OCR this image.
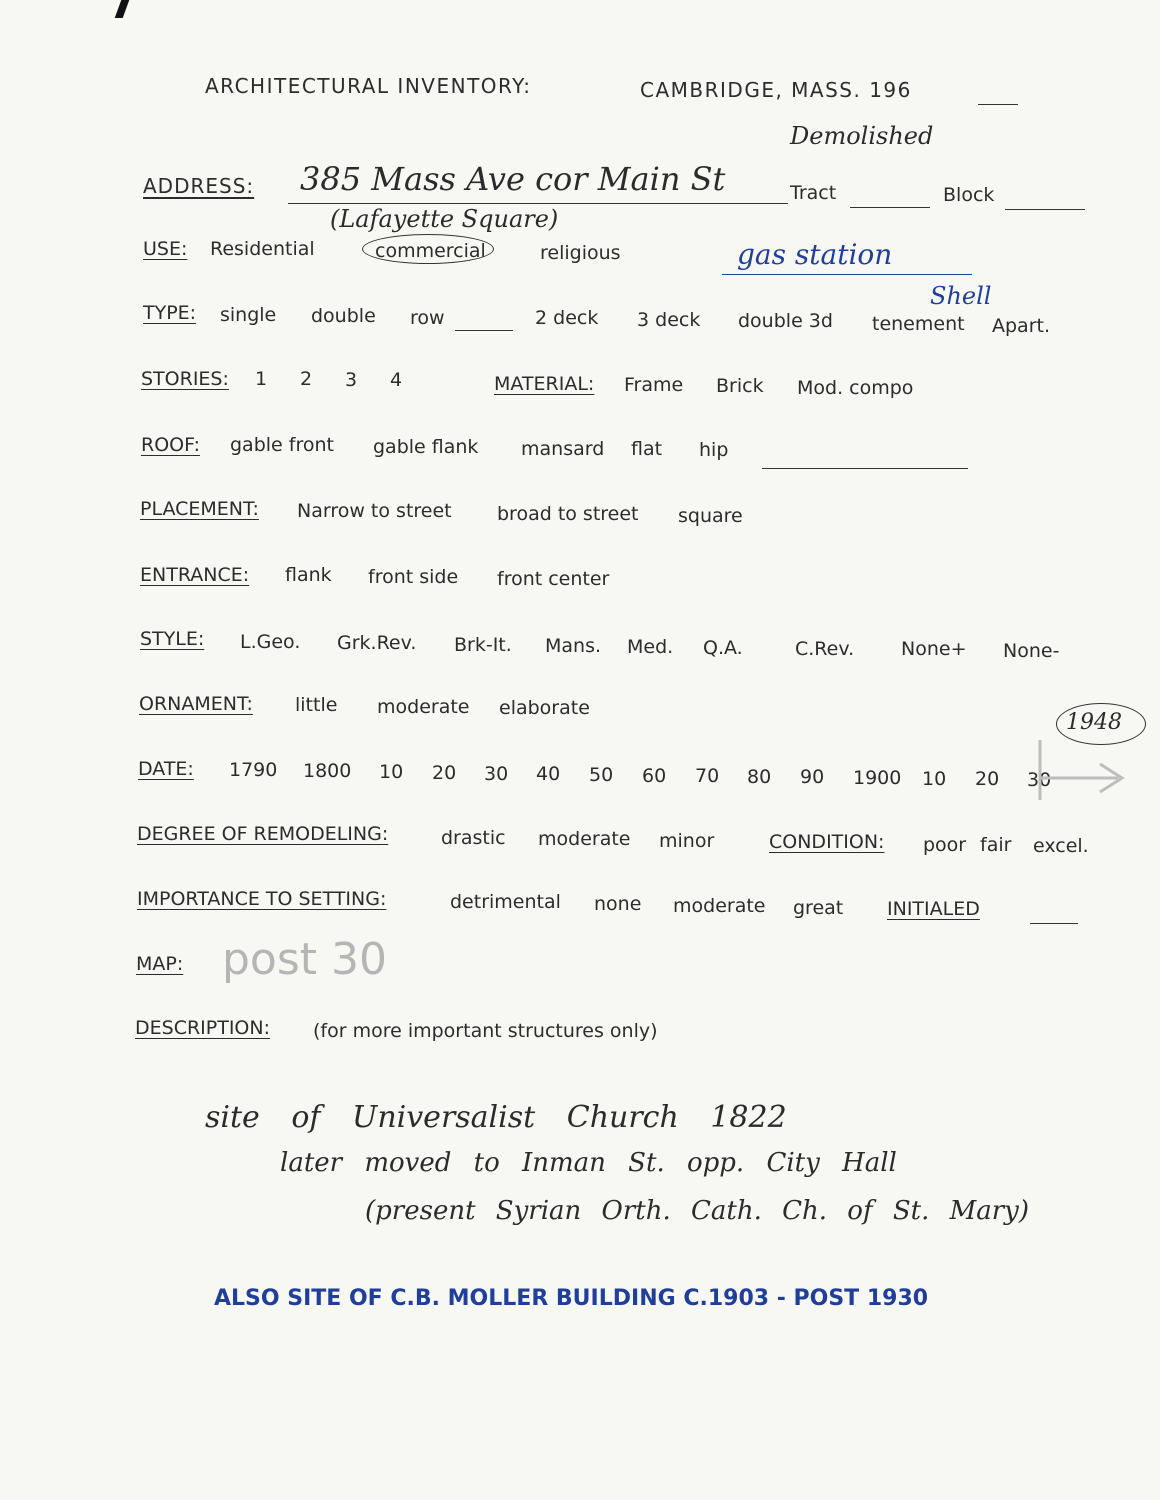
ARCHITECTURAL INVENTORY:	CAMBRIDGE, MASS. 196
Demolished
ADDRESS: 385 Mass Ave cor Main St	Tract	Block
(Lafayette Square)
USE: Residential	commercial	religious	gas station
TYPE: single double row	2 deck 3 deck double 3d tenement Apart.
Shell
STORIES: 1 2 3 4	MATERIAL: Frame Brick Mod. compo
ROOF: gable front gable flank mansard flat hip
PLACEMENT: Narrow to street broad to street square
ENTRANCE: flank front side front center
STYLE: L.Geo. Grk.Rev. Brk-It. Mans. Med. Q.A.	C.Rev. None+ None-
ORNAMENT: little moderate elaborate
DATE: 1790 1800 10 20 30 40 50 60 70 80 90 1900 10 20 30
1948
DEGREE OF REMODELING:	drastic moderate minor	CONDITION: poor fair excel.
IMPORTANCE TO SETTING:	detrimental none moderate great INITIALED
MAP: post 30
DESCRIPTION: (for more important structures only)
site of Universalist Church 1822
later moved to Inman St. opp. City Hall
(present Syrian Orth. Cath. Ch. of St. Mary)
ALSO SITE OF C.B. MOLLER BUILDING C.1903 - POST 1930
